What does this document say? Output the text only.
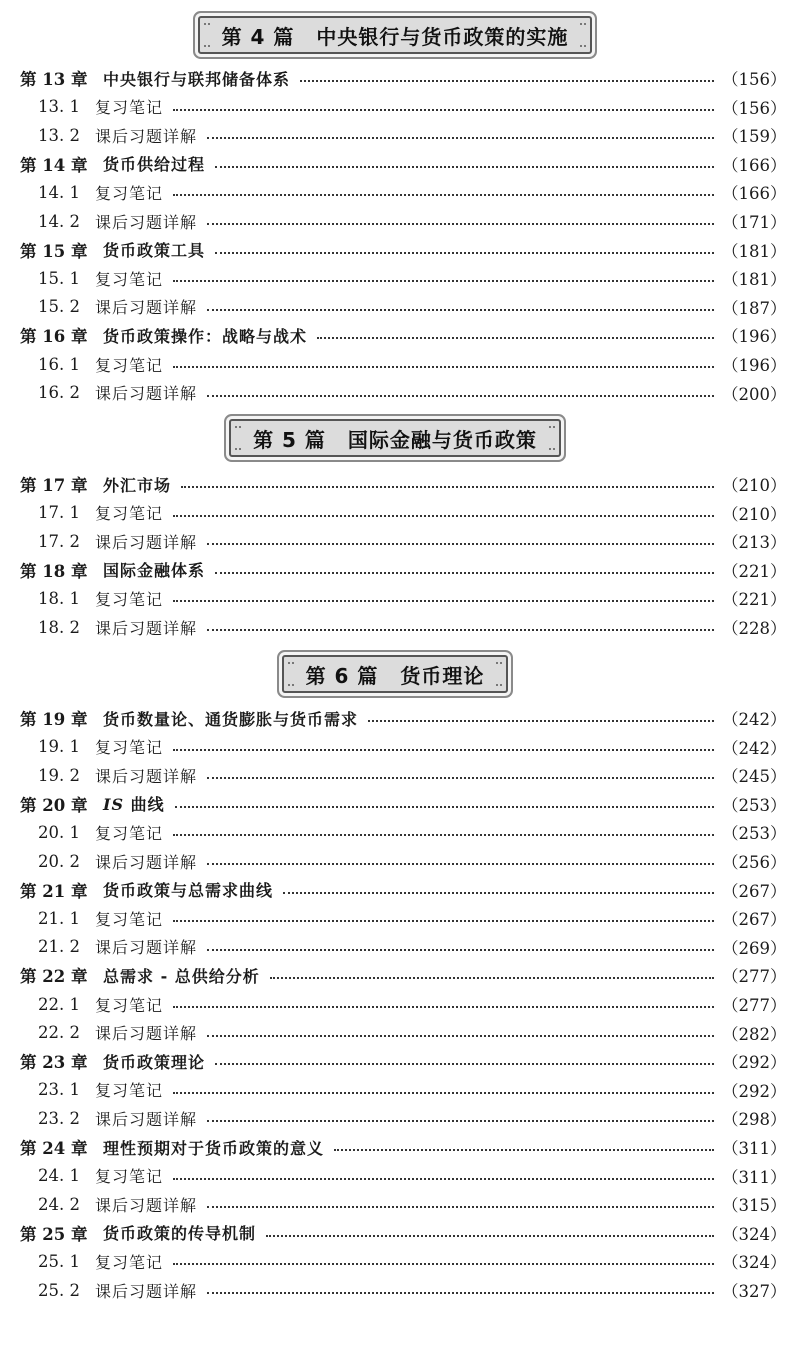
第 4 篇 中央银行与货币政策的实施
第 13 章 中央银行与联邦储备体系	（156）
13. 1 复习笔记	（156）
13. 2 课后习题详解	（159）
第 14 章 货币供给过程	（166）
14. 1 复习笔记	（166）
14. 2 课后习题详解	（171）
第 15 章 货币政策工具	（181）
15. 1 复习笔记	（181）
15. 2 课后习题详解	（187）
第 16 章 货币政策操作：战略与战术	（196）
16. 1 复习笔记	（196）
16. 2 课后习题详解	（200）
第 5 篇 国际金融与货币政策
第 17 章 外汇市场	（210）
17. 1 复习笔记	（210）
17. 2 课后习题详解	（213）
第 18 章 国际金融体系	（221）
18. 1 复习笔记	（221）
18. 2 课后习题详解	（228）
第 6 篇 货币理论
第 19 章 货币数量论、通货膨胀与货币需求	（242）
19. 1 复习笔记	（242）
19. 2 课后习题详解	（245）
第 20 章 IS 曲线	（253）
20. 1 复习笔记	（253）
20. 2 课后习题详解	（256）
第 21 章 货币政策与总需求曲线	（267）
21. 1 复习笔记	（267）
21. 2 课后习题详解	（269）
第 22 章 总需求 - 总供给分析	（277）
22. 1 复习笔记	（277）
22. 2 课后习题详解	（282）
第 23 章 货币政策理论	（292）
23. 1 复习笔记	（292）
23. 2 课后习题详解	（298）
第 24 章 理性预期对于货币政策的意义	（311）
24. 1 复习笔记	（311）
24. 2 课后习题详解	（315）
第 25 章 货币政策的传导机制	（324）
25. 1 复习笔记	（324）
25. 2 课后习题详解	（327）
